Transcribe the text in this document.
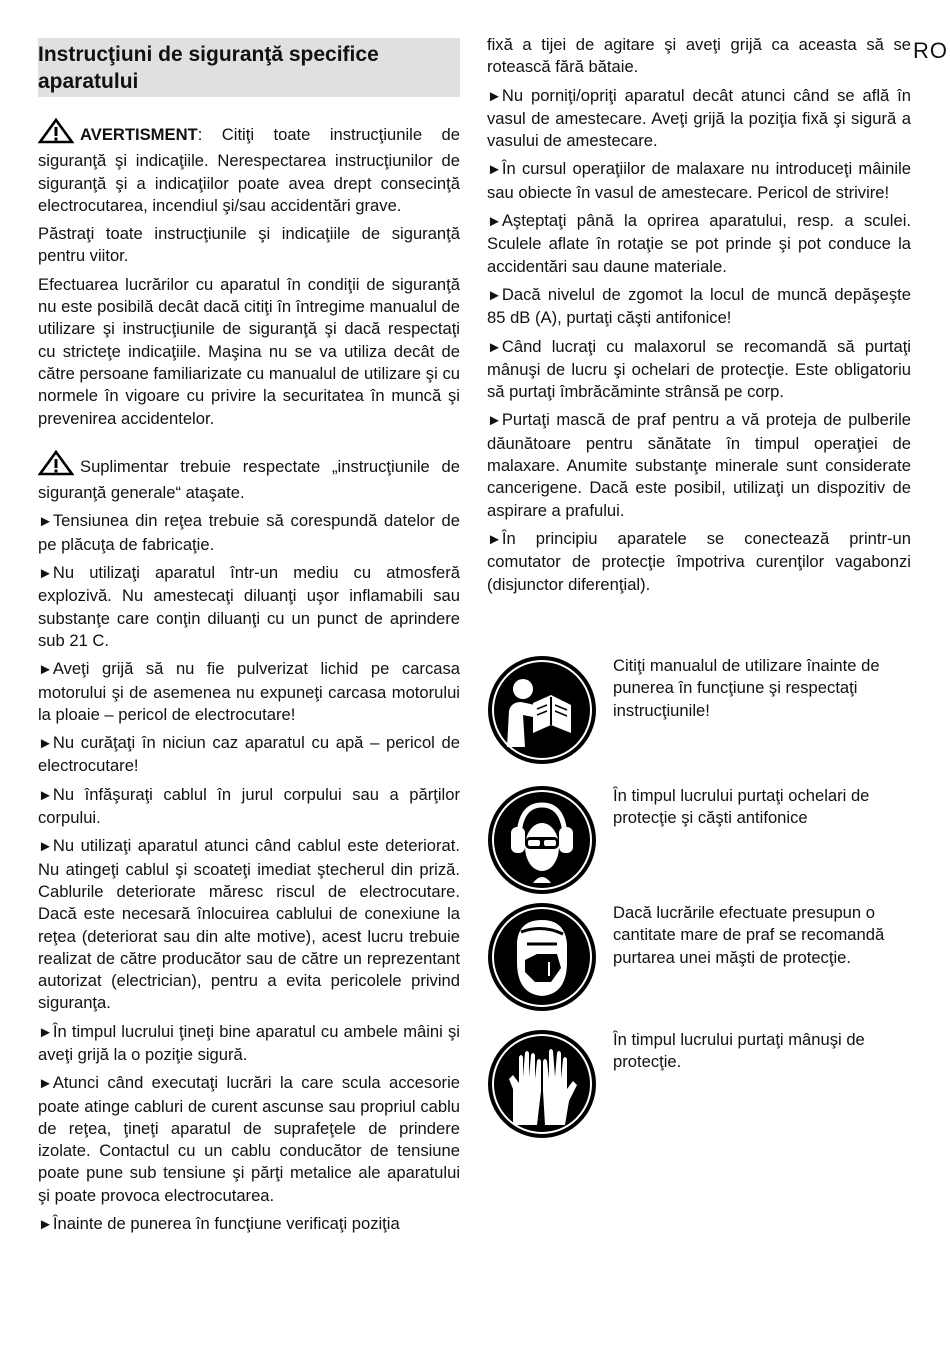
RO
Instrucţiuni de siguranţă specifice aparatului

AVERTISMENT: Citiţi toate instrucţiunile de siguranţă şi indicaţiile. Nerespectarea instrucţiunilor de siguranţă şi a indicaţiilor poate avea drept consecinţă electrocutarea, incendiul şi/sau accidentări grave.

Păstraţi toate instrucţiunile şi indicaţiile de siguranţă pentru viitor.

Efectuarea lucrărilor cu aparatul în condiţii de siguranţă nu este posibilă decât dacă citiţi în întregime manualul de utilizare şi instrucţiunile de siguranţă şi dacă respectaţi cu stricteţe indicaţiile. Maşina nu se va utiliza decât de către persoane familiarizate cu manualul de utilizare şi cu normele în vigoare cu privire la securitatea în muncă şi prevenirea accidentelor.

Suplimentar trebuie respectate „instrucţiunile de siguranţă generale“ ataşate.

►Tensiunea din reţea trebuie să corespundă datelor de pe plăcuţa de fabricaţie.

►Nu utilizaţi aparatul într-un mediu cu atmosferă explozivă. Nu amestecaţi diluanţi uşor inflamabili sau substanţe care conţin diluanţi cu un punct de aprindere sub 21 C.

►Aveţi grijă să nu fie pulverizat lichid pe carcasa motorului şi de asemenea nu expuneţi carcasa motorului la ploaie – pericol de electrocutare!

►Nu curăţaţi în niciun caz aparatul cu apă – pericol de electrocutare!

►Nu înfăşuraţi cablul în jurul corpului sau a părţilor corpului.

►Nu utilizaţi aparatul atunci când cablul este deteriorat. Nu atingeţi cablul şi scoateţi imediat ştecherul din priză. Cablurile deteriorate măresc riscul de electrocutare. Dacă este necesară înlocuirea cablului de conexiune la reţea (deteriorat sau din alte motive), acest lucru trebuie realizat de către producător sau de către un reprezentant autorizat (electrician), pentru a evita pericolele privind siguranţa.

►În timpul lucrului ţineţi bine aparatul cu ambele mâini şi aveţi grijă la o poziţie sigură.

►Atunci când executaţi lucrări la care scula accesorie poate atinge cabluri de curent ascunse sau propriul cablu de reţea, ţineţi aparatul de suprafeţele de prindere izolate. Contactul cu un cablu conducător de tensiune poate pune sub tensiune şi părţi metalice ale aparatului şi poate provoca electrocutarea.

►Înainte de punerea în funcţiune verificaţi poziţia

fixă a tijei de agitare şi aveţi grijă ca aceasta să se rotească fără bătaie.

►Nu porniţi/opriţi aparatul decât atunci când se află în vasul de amestecare. Aveţi grijă la poziţia fixă şi sigură a vasului de amestecare.

►În cursul operaţiilor de malaxare nu introduceţi mâinile sau obiecte în vasul de amestecare. Pericol de strivire!

►Aşteptaţi până la oprirea aparatului, resp. a sculei. Sculele aflate în rotaţie se pot prinde şi pot conduce la accidentări sau daune materiale.

►Dacă nivelul de zgomot la locul de muncă depăşeşte 85 dB (A), purtaţi căşti antifonice!

►Când lucraţi cu malaxorul se recomandă să purtaţi mânuşi de lucru şi ochelari de protecţie. Este obligatoriu să purtaţi îmbrăcăminte strânsă pe corp.

►Purtaţi mască de praf pentru a vă proteja de pulberile dăunătoare pentru sănătate în timpul operaţiei de malaxare. Anumite substanţe minerale sunt considerate cancerigene. Dacă este posibil, utilizaţi un dispozitiv de aspirare a prafului.

►În principiu aparatele se conectează printr-un comutator de protecţie împotriva curenţilor vagabonzi (disjunctor diferenţial).

Citiţi manualul de utilizare înainte de punerea în funcţiune şi respectaţi instrucţiunile!
În timpul lucrului purtaţi ochelari de protecţie şi căşti antifonice
Dacă lucrările efectuate presupun o cantitate mare de praf se recomandă purtarea unei măşti de protecţie.
În timpul lucrului purtaţi mânuşi de protecţie.
